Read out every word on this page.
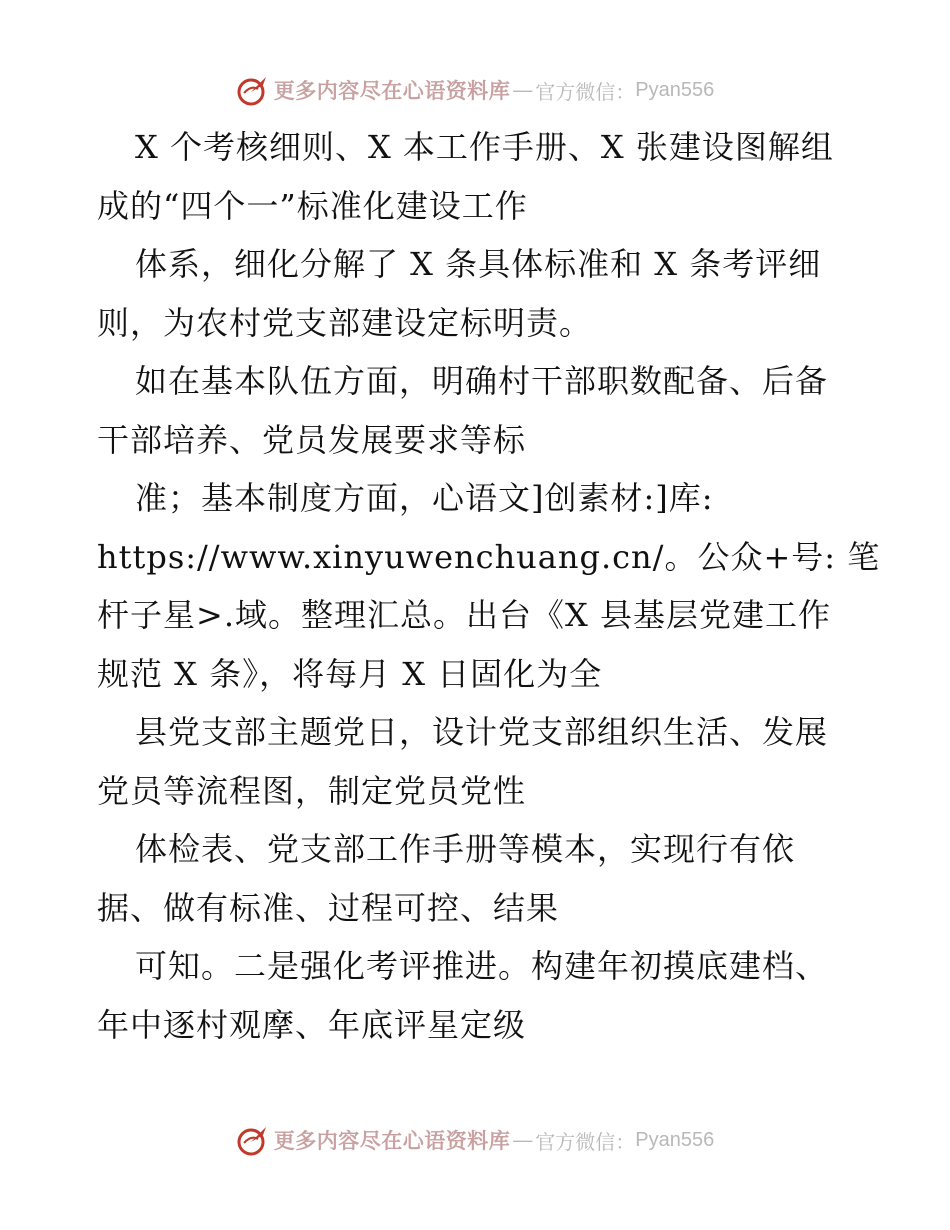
更多内容尽在心语资料库 — 官方微信： Pyan556
X 个考核细则、X 本工作手册、X 张建设图解组
成的“四个一”标准化建设工作
体系，细化分解了 X 条具体标准和 X 条考评细
则，为农村党支部建设定标明责。
如在基本队伍方面，明确村干部职数配备、后备
干部培养、党员发展要求等标
准；基本制度方面，心语文]创素材:]库:
https://www.xinyuwenchuang.cn/。公众+号: 笔
杆子星>.域。整理汇总。出台《X 县基层党建工作
规范 X 条》，将每月 X 日固化为全
县党支部主题党日，设计党支部组织生活、发展
党员等流程图，制定党员党性
体检表、党支部工作手册等模本，实现行有依
据、做有标准、过程可控、结果
可知。二是强化考评推进。构建年初摸底建档、
年中逐村观摩、年底评星定级
更多内容尽在心语资料库 — 官方微信： Pyan556
